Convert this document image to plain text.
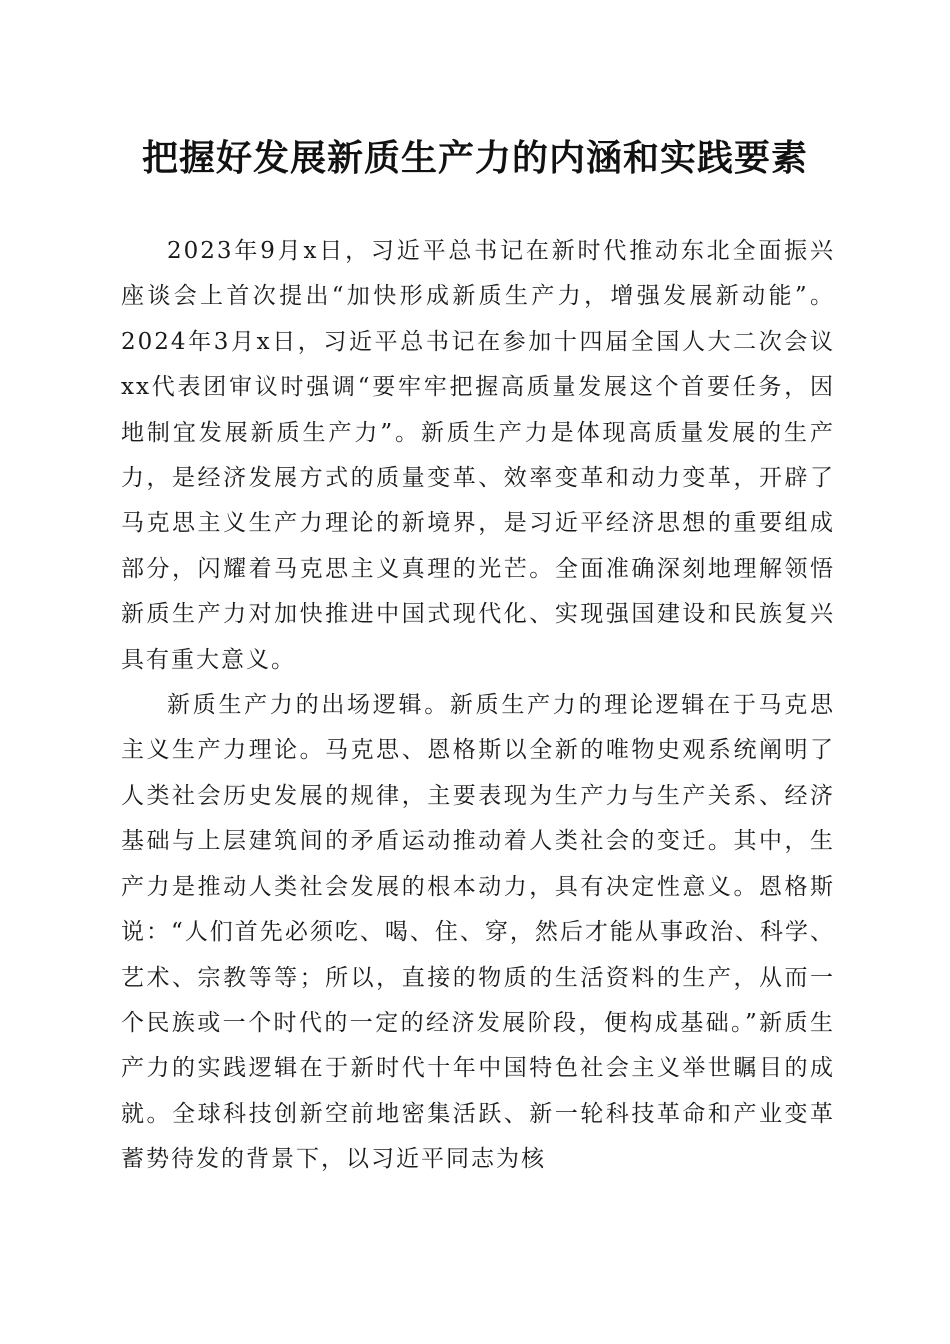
把握好发展新质生产力的内涵和实践要素

2023年9月x日，习近平总书记在新时代推动东北全面振兴座谈会上首次提出“加快形成新质生产力，增强发展新动能”。2024年3月x日，习近平总书记在参加十四届全国人大二次会议xx代表团审议时强调“要牢牢把握高质量发展这个首要任务，因地制宜发展新质生产力”。新质生产力是体现高质量发展的生产力，是经济发展方式的质量变革、效率变革和动力变革，开辟了马克思主义生产力理论的新境界，是习近平经济思想的重要组成部分，闪耀着马克思主义真理的光芒。全面准确深刻地理解领悟新质生产力对加快推进中国式现代化、实现强国建设和民族复兴具有重大意义。

新质生产力的出场逻辑。新质生产力的理论逻辑在于马克思主义生产力理论。马克思、恩格斯以全新的唯物史观系统阐明了人类社会历史发展的规律，主要表现为生产力与生产关系、经济基础与上层建筑间的矛盾运动推动着人类社会的变迁。其中，生产力是推动人类社会发展的根本动力，具有决定性意义。恩格斯说：“人们首先必须吃、喝、住、穿，然后才能从事政治、科学、艺术、宗教等等；所以，直接的物质的生活资料的生产，从而一个民族或一个时代的一定的经济发展阶段，便构成基础。”新质生产力的实践逻辑在于新时代十年中国特色社会主义举世瞩目的成就。全球科技创新空前地密集活跃、新一轮科技革命和产业变革蓄势待发的背景下，以习近平同志为核
